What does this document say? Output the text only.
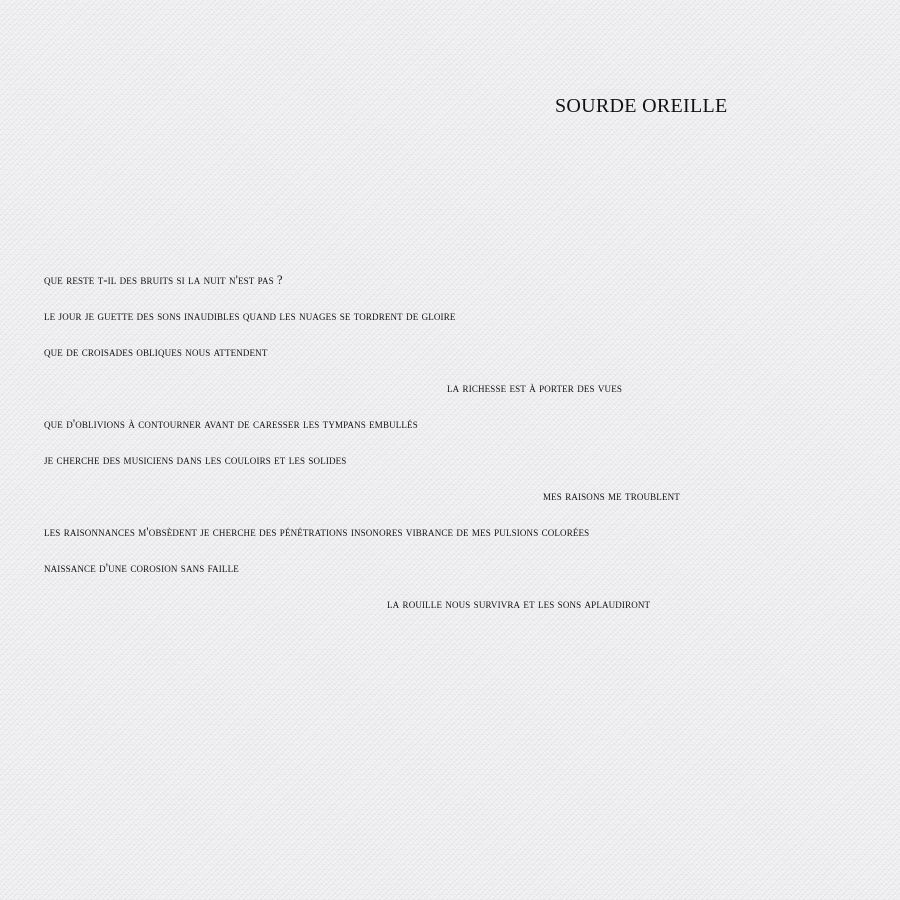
SOURDE OREILLE
que reste t-il des bruits si la nuit n'est pas ?
le jour je guette des sons inaudibles quand les nuages se tordrent de gloire
que de croisades obliques nous attendent
la richesse est à porter des vues
que d'oblivions à contourner avant de caresser les tympans embullés
je cherche des musiciens dans les couloirs et les solides
mes raisons me troublent
les raisonnances m'obsèdent je cherche des pénétrations insonores vibrance de mes pulsions colorées
naissance d'une corosion sans faille
la rouille nous survivra et les sons aplaudiront
